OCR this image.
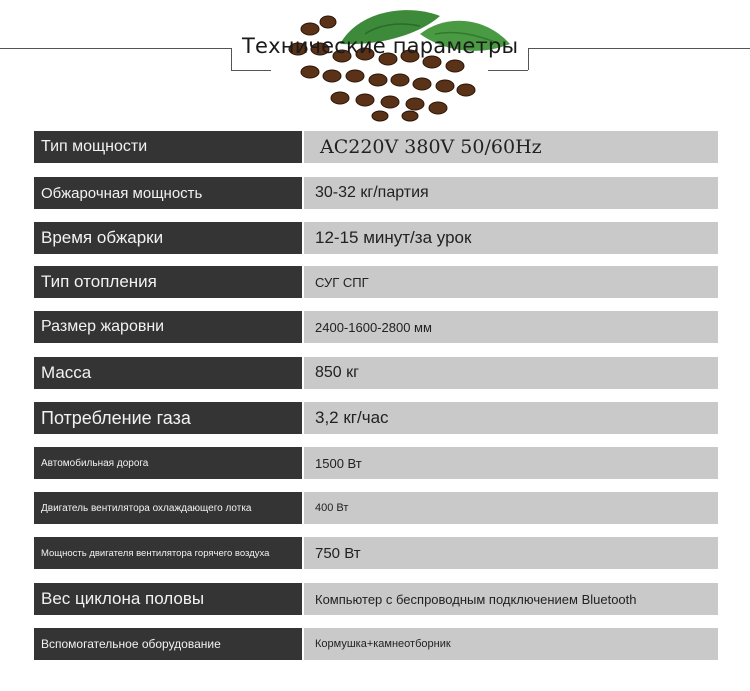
Технические параметры
Тип мощности	AC220V 380V 50/60Hz
Обжарочная мощность	30-32 кг/партия
Время обжарки	12-15 минут/за урок
Тип отопления	СУГ СПГ
Размер жаровни	2400-1600-2800 мм
Масса	850 кг
Потребление газа	3,2 кг/час
Автомобильная дорога	1500 Вт
Двигатель вентилятора охлаждающего лотка	400 Вт
Мощность двигателя вентилятора горячего воздуха	750 Вт
Вес циклона половы	Компьютер с беспроводным подключением Bluetooth
Вспомогательное оборудование	Кормушка+камнеотборник
